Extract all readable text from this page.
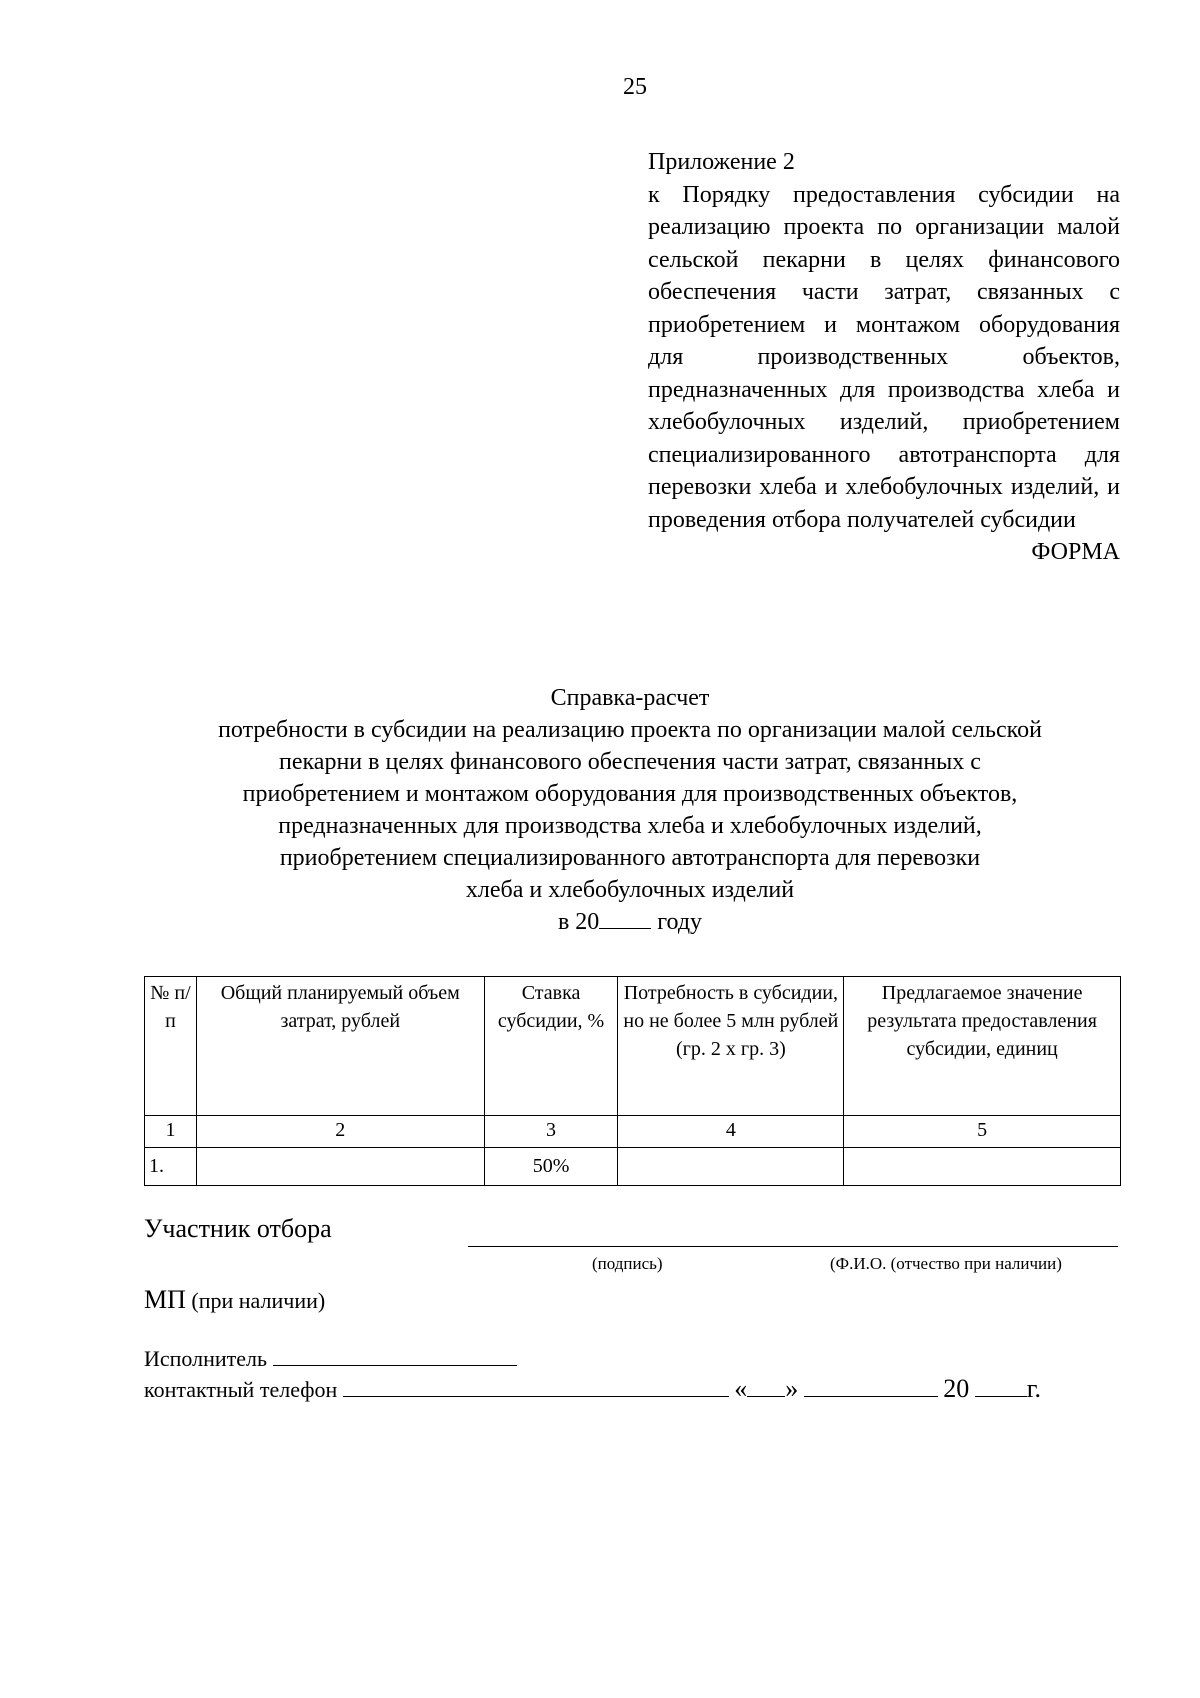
25
Приложение 2
к Порядку предоставления субсидии на реализацию проекта по организации малой сельской пекарни в целях финансового обеспечения части затрат, связанных с приобретением и монтажом оборудования для производственных объектов, предназначенных для производства хлеба и хлебобулочных изделий, приобретением специализированного автотранспорта для перевозки хлеба и хлебобулочных изделий, и проведения отбора получателей субсидии
ФОРМА
Справка-расчет
потребности в субсидии на реализацию проекта по организации малой сельской
пекарни в целях финансового обеспечения части затрат, связанных с
приобретением и монтажом оборудования для производственных объектов,
предназначенных для производства хлеба и хлебобулочных изделий,
приобретением специализированного автотранспорта для перевозки
хлеба и хлебобулочных изделий
в 20 году
№ п/п	Общий планируемый объем затрат, рублей	Ставка субсидии, %	Потребность в субсидии, но не более 5 млн рублей (гр. 2 х гр. 3)	Предлагаемое значение результата предоставления субсидии, единиц
1	2	3	4	5
1.		50%		
Участник отбора
(подпись)	(Ф.И.О. (отчество при наличии)
МП (при наличии)
Исполнитель
контактный телефон	« »	20 г.
